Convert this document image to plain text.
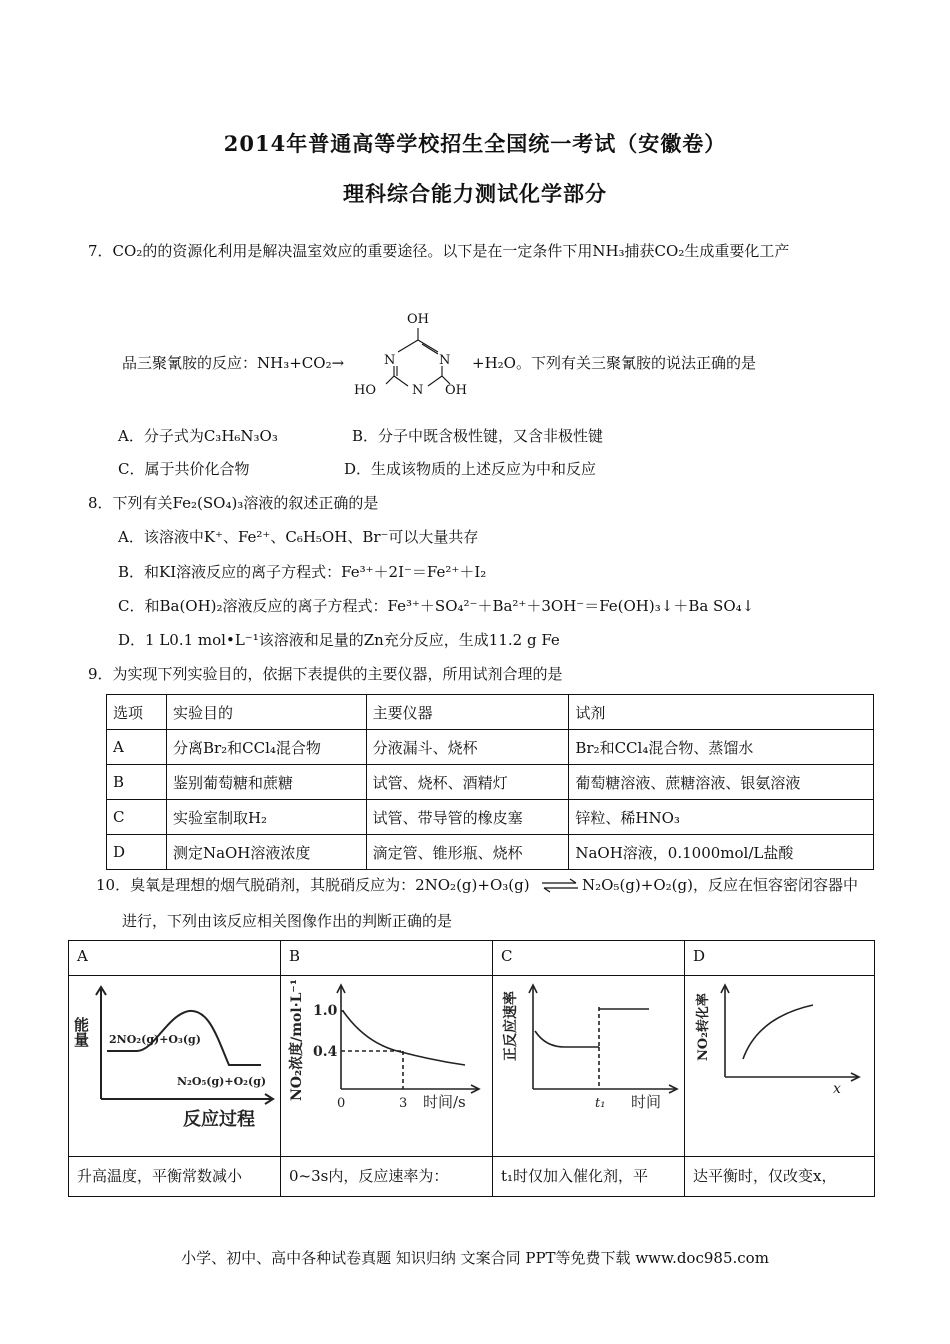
2014年普通高等学校招生全国统一考试（安徽卷）
理科综合能力测试化学部分
7．CO₂的的资源化利用是解决温室效应的重要途径。以下是在一定条件下用NH₃捕获CO₂生成重要化工产
品三聚氰胺的反应：NH₃+CO₂→
OH
N	N
N
HO	OH
+H₂O。下列有关三聚氰胺的说法正确的是
A．分子式为C₃H₆N₃O₃	B．分子中既含极性键，又含非极性键
C．属于共价化合物	D．生成该物质的上述反应为中和反应
8．下列有关Fe₂(SO₄)₃溶液的叙述正确的是
A．该溶液中K⁺、Fe²⁺、C₆H₅OH、Br⁻可以大量共存
B．和KI溶液反应的离子方程式：Fe³⁺＋2I⁻＝Fe²⁺＋I₂
C．和Ba(OH)₂溶液反应的离子方程式：Fe³⁺＋SO₄²⁻＋Ba²⁺＋3OH⁻＝Fe(OH)₃↓＋Ba SO₄↓
D．1 L0.1 mol•L⁻¹该溶液和足量的Zn充分反应，生成11.2 g Fe
9．为实现下列实验目的，依据下表提供的主要仪器，所用试剂合理的是
选项	实验目的	主要仪器	试剂
A	分离Br₂和CCl₄混合物	分液漏斗、烧杯	Br₂和CCl₄混合物、蒸馏水
B	鉴别葡萄糖和蔗糖	试管、烧杯、酒精灯	葡萄糖溶液、蔗糖溶液、银氨溶液
C	实验室制取H₂	试管、带导管的橡皮塞	锌粒、稀HNO₃
D	测定NaOH溶液浓度	滴定管、锥形瓶、烧杯	NaOH溶液，0.1000mol/L盐酸
10．臭氧是理想的烟气脱硝剂，其脱硝反应为：2NO₂(g)+O₃(g) ⇌ N₂O₅(g)+O₂(g)，反应在恒容密闭容器中
进行，下列由该反应相关图像作出的判断正确的是
A	B	C	D
能量 2NO₂(g)+O₃(g)
N₂O₅(g)+O₂(g)
反应过程
NO₂浓度/mol·L⁻¹ 1.0
0.4
0	3 时间/s
正反应速率
t₁ 时间
NO₂转化率
x
升高温度，平衡常数减小	0~3s内，反应速率为：	t₁时仅加入催化剂，平	达平衡时，仅改变x，
小学、初中、高中各种试卷真题 知识归纳 文案合同 PPT等免费下载 www.doc985.com
